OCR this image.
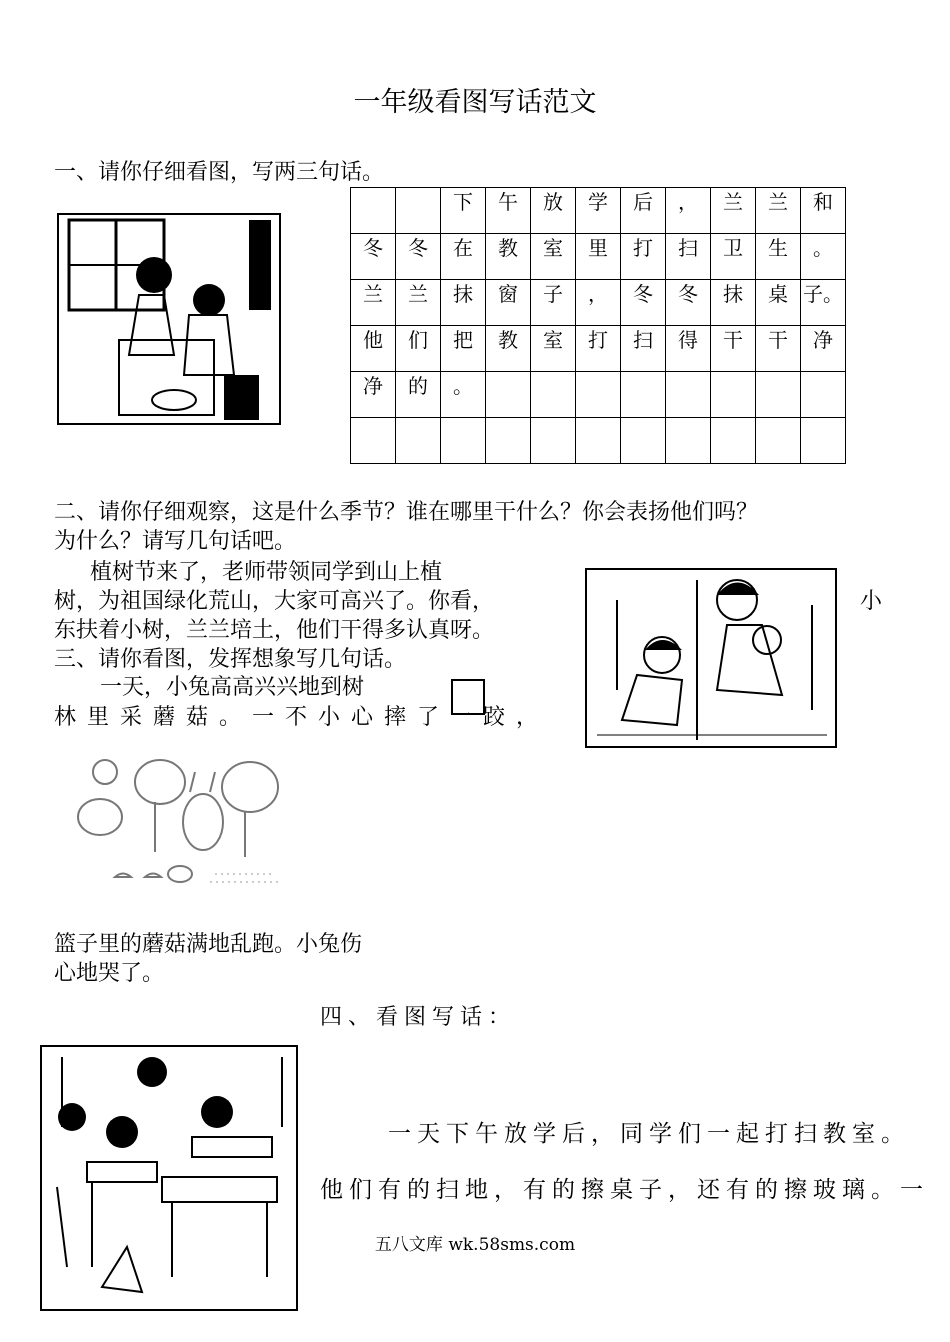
一年级看图写话范文
一、请你仔细看图，写两三句话。
		下	午	放	学	后	，	兰	兰	和
冬	冬	在	教	室	里	打	扫	卫	生	。
兰	兰	抹	窗	子	，	冬	冬	抹	桌	子。
他	们	把	教	室	打	扫	得	干	干	净
净	的	。								

二、请你仔细观察，这是什么季节？谁在哪里干什么？你会表扬他们吗？
为什么？请写几句话吧。
植树节来了，老师带领同学到山上植
树，为祖国绿化荒山，大家可高兴了。你看，	小
东扶着小树，兰兰培土，他们干得多认真呀。
三、请你看图，发挥想象写几句话。
一天，小兔高高兴兴地到树
林里采蘑菇。一不小心摔了一跤，
篮子里的蘑菇满地乱跑。小兔伤
心地哭了。
四、看图写话：
一天下午放学后，同学们一起打扫教室。
他们有的扫地，有的擦桌子，还有的擦玻璃。一
五八文库 wk.58sms.com
